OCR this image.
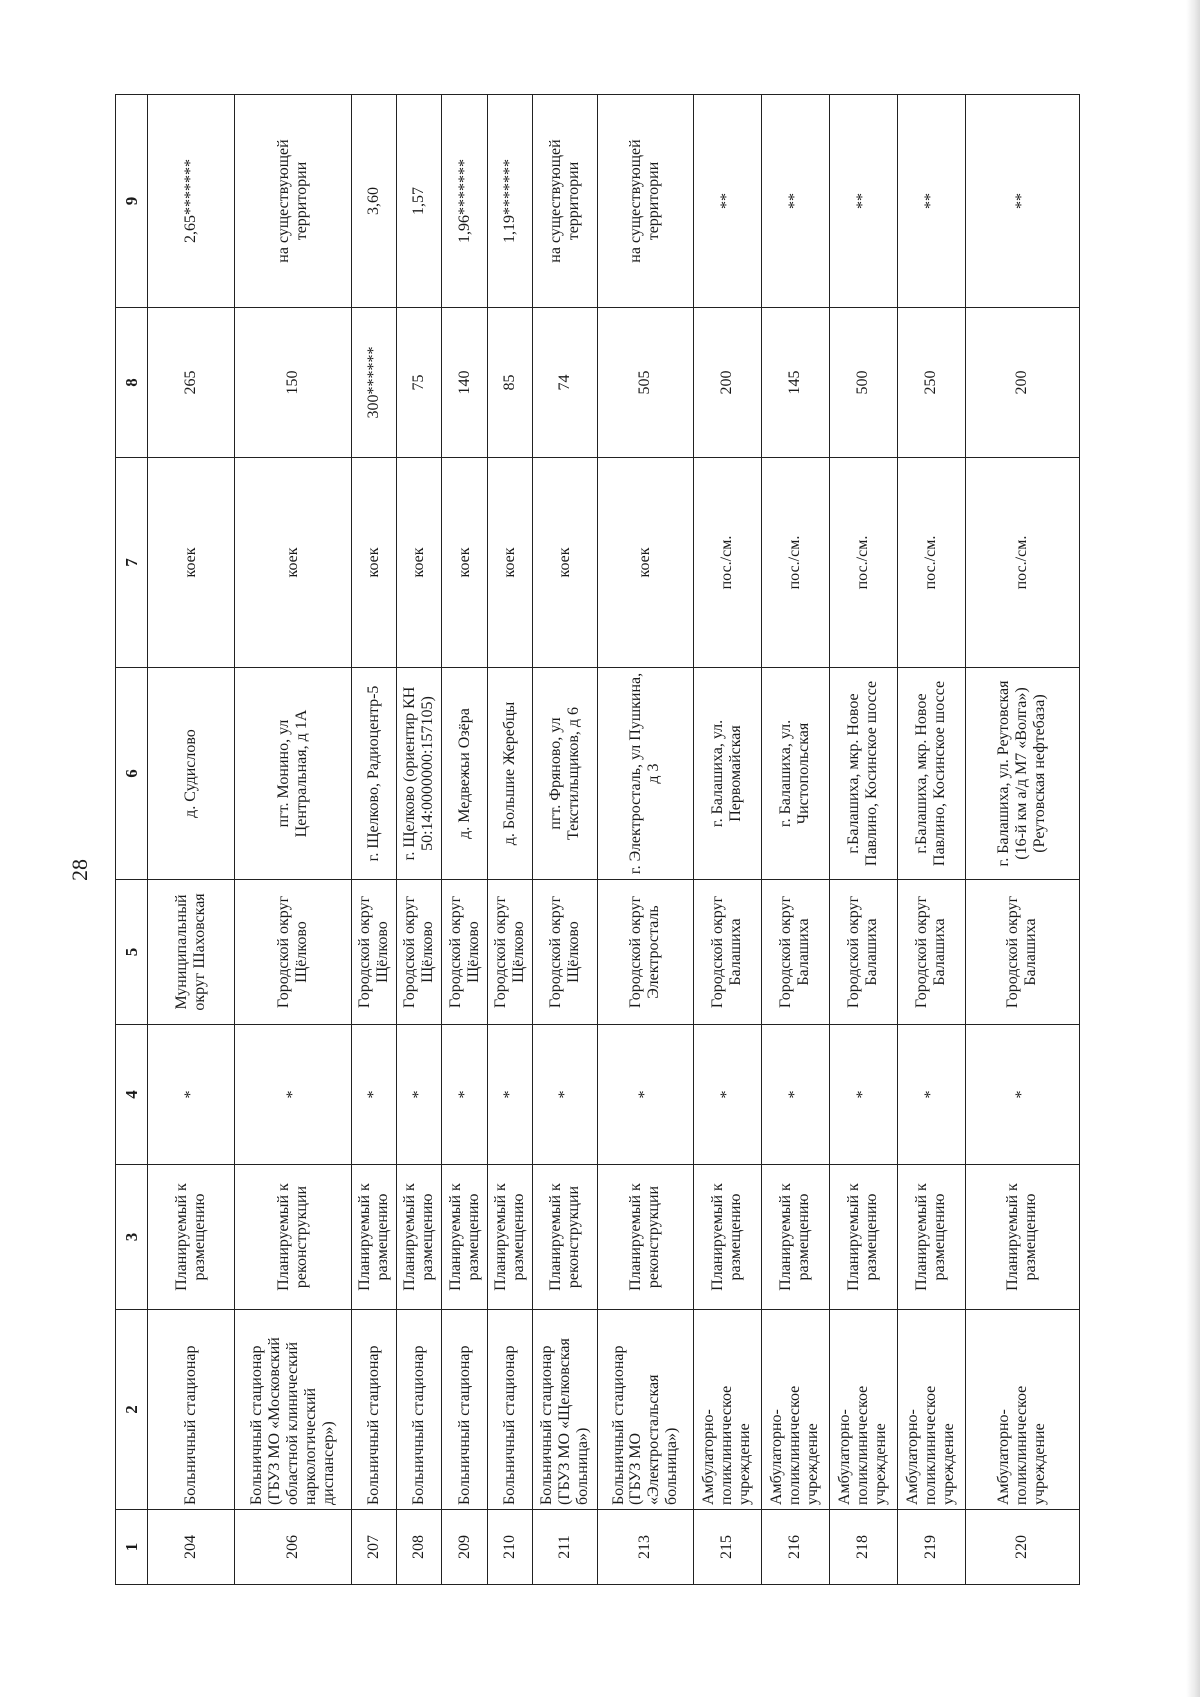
28
1	2	3	4	5	6	7	8	9
204	Больничный стационар	Планируемый к размещению	*	Муниципальный округ Шаховская	д. Судислово	коек	265	2,65*******
206	Больничный стационар (ГБУЗ МО «Московский областной клинический наркологический диспансер»)	Планируемый к реконструкции	*	Городской округ Щёлково	пгт. Монино, ул Центральная, д 1А	коек	150	на существующей территории
207	Больничный стационар	Планируемый к размещению	*	Городской округ Щёлково	г. Щелково, Радиоцентр-5	коек	300******	3,60
208	Больничный стационар	Планируемый к размещению	*	Городской округ Щёлково	г. Щелково (ориентир КН 50:14:0000000:157105)	коек	75	1,57
209	Больничный стационар	Планируемый к размещению	*	Городской округ Щёлково	д. Медвежьи Озёра	коек	140	1,96*******
210	Больничный стационар	Планируемый к размещению	*	Городской округ Щёлково	д. Большие Жеребцы	коек	85	1,19*******
211	Больничный стационар (ГБУЗ МО «Щелковская больница»)	Планируемый к реконструкции	*	Городской округ Щёлково	пгт. Фряново, ул Текстильщиков, д 6	коек	74	на существующей территории
213	Больничный стационар (ГБУЗ МО «Электростальская больница»)	Планируемый к реконструкции	*	Городской округ Электросталь	г. Электросталь, ул Пушкина, д 3	коек	505	на существующей территории
215	Амбулаторно-поликлиническое учреждение	Планируемый к размещению	*	Городской округ Балашиха	г. Балашиха, ул. Первомайская	пос./см.	200	**
216	Амбулаторно-поликлиническое учреждение	Планируемый к размещению	*	Городской округ Балашиха	г. Балашиха, ул. Чистопольская	пос./см.	145	**
218	Амбулаторно-поликлиническое учреждение	Планируемый к размещению	*	Городской округ Балашиха	г.Балашиха, мкр. Новое Павлино, Косинское шоссе	пос./см.	500	**
219	Амбулаторно-поликлиническое учреждение	Планируемый к размещению	*	Городской округ Балашиха	г.Балашиха, мкр. Новое Павлино, Косинское шоссе	пос./см.	250	**
220	Амбулаторно-поликлиническое учреждение	Планируемый к размещению	*	Городской округ Балашиха	г. Балашиха, ул. Реутовская (16-й км а/д М7 «Волга») (Реутовская нефтебаза)	пос./см.	200	**
